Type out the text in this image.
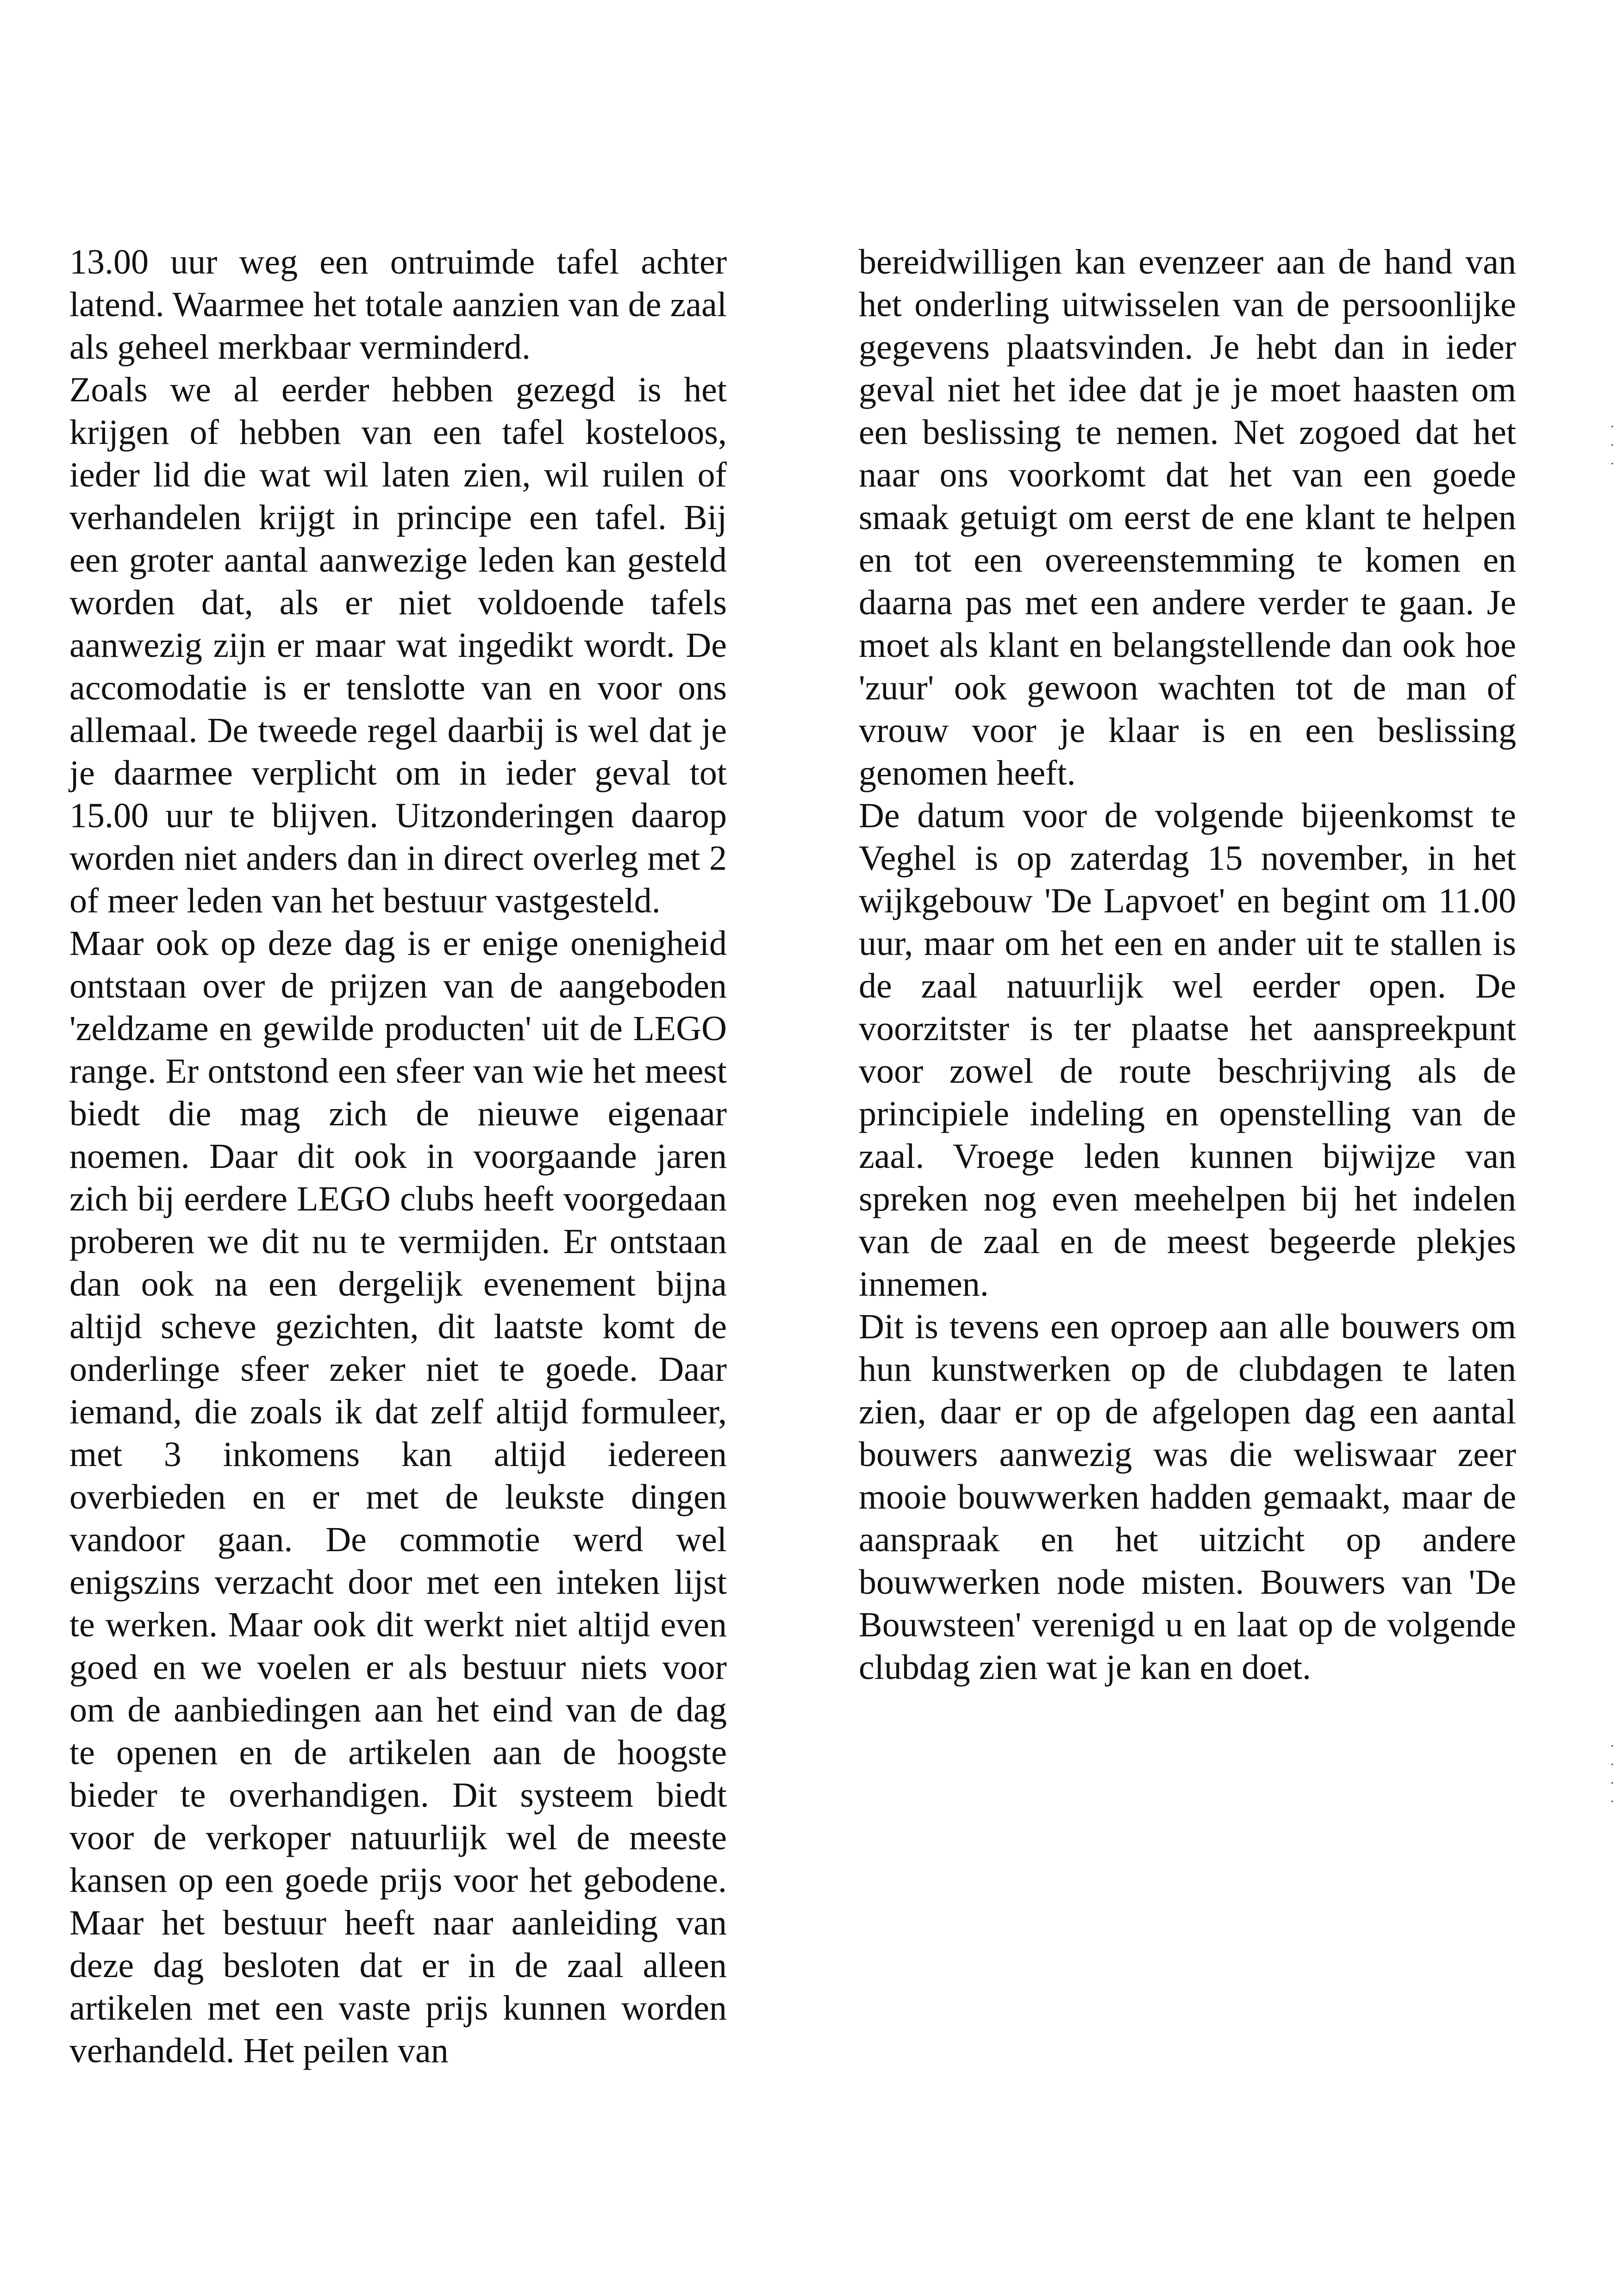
13.00 uur weg een ontruimde tafel achter latend. Waarmee het totale aanzien van de zaal als geheel merkbaar verminderd.

Zoals we al eerder hebben gezegd is het krijgen of hebben van een tafel kosteloos, ieder lid die wat wil laten zien, wil ruilen of verhandelen krijgt in principe een tafel. Bij een groter aantal aanwezige leden kan gesteld worden dat, als er niet voldoende tafels aanwezig zijn er maar wat ingedikt wordt. De accomodatie is er tenslotte van en voor ons allemaal. De tweede regel daarbij is wel dat je je daarmee verplicht om in ieder geval tot 15.00 uur te blijven. Uitzonderingen daarop worden niet anders dan in direct overleg met 2 of meer leden van het bestuur vastgesteld.

Maar ook op deze dag is er enige onenigheid ontstaan over de prijzen van de aangeboden 'zeldzame en gewilde producten' uit de LEGO range. Er ontstond een sfeer van wie het meest biedt die mag zich de nieuwe eigenaar noemen. Daar dit ook in voorgaande jaren zich bij eerdere LEGO clubs heeft voorgedaan proberen we dit nu te vermijden. Er ontstaan dan ook na een dergelijk evenement bijna altijd scheve gezichten, dit laatste komt de onderlinge sfeer zeker niet te goede. Daar iemand, die zoals ik dat zelf altijd formuleer, met 3 inkomens kan altijd iedereen overbieden en er met de leukste dingen vandoor gaan. De commotie werd wel enigszins verzacht door met een inteken lijst te werken. Maar ook dit werkt niet altijd even goed en we voelen er als bestuur niets voor om de aanbiedingen aan het eind van de dag te openen en de artikelen aan de hoogste bieder te overhandigen. Dit systeem biedt voor de verkoper natuurlijk wel de meeste kansen op een goede prijs voor het gebodene. Maar het bestuur heeft naar aanleiding van deze dag besloten dat er in de zaal alleen artikelen met een vaste prijs kunnen worden verhandeld. Het peilen van

bereidwilligen kan evenzeer aan de hand van het onderling uitwisselen van de persoonlijke gegevens plaatsvinden. Je hebt dan in ieder geval niet het idee dat je je moet haasten om een beslissing te nemen. Net zogoed dat het naar ons voorkomt dat het van een goede smaak getuigt om eerst de ene klant te helpen en tot een overeenstemming te komen en daarna pas met een andere verder te gaan. Je moet als klant en belangstellende dan ook hoe 'zuur' ook gewoon wachten tot de man of vrouw voor je klaar is en een beslissing genomen heeft.

De datum voor de volgende bijeenkomst te Veghel is op zaterdag 15 november, in het wijkgebouw 'De Lapvoet' en begint om 11.00 uur, maar om het een en ander uit te stallen is de zaal natuurlijk wel eerder open. De voorzitster is ter plaatse het aanspreekpunt voor zowel de route beschrijving als de principiele indeling en openstelling van de zaal. Vroege leden kunnen bijwijze van spreken nog even meehelpen bij het indelen van de zaal en de meest begeerde plekjes innemen.

Dit is tevens een oproep aan alle bouwers om hun kunstwerken op de clubdagen te laten zien, daar er op de afgelopen dag een aantal bouwers aanwezig was die weliswaar zeer mooie bouwwerken hadden gemaakt, maar de aanspraak en het uitzicht op andere bouwwerken node misten. Bouwers van 'De Bouwsteen' verenigd u en laat op de volgende clubdag zien wat je kan en doet.

·
·
·
·
·
·
·
